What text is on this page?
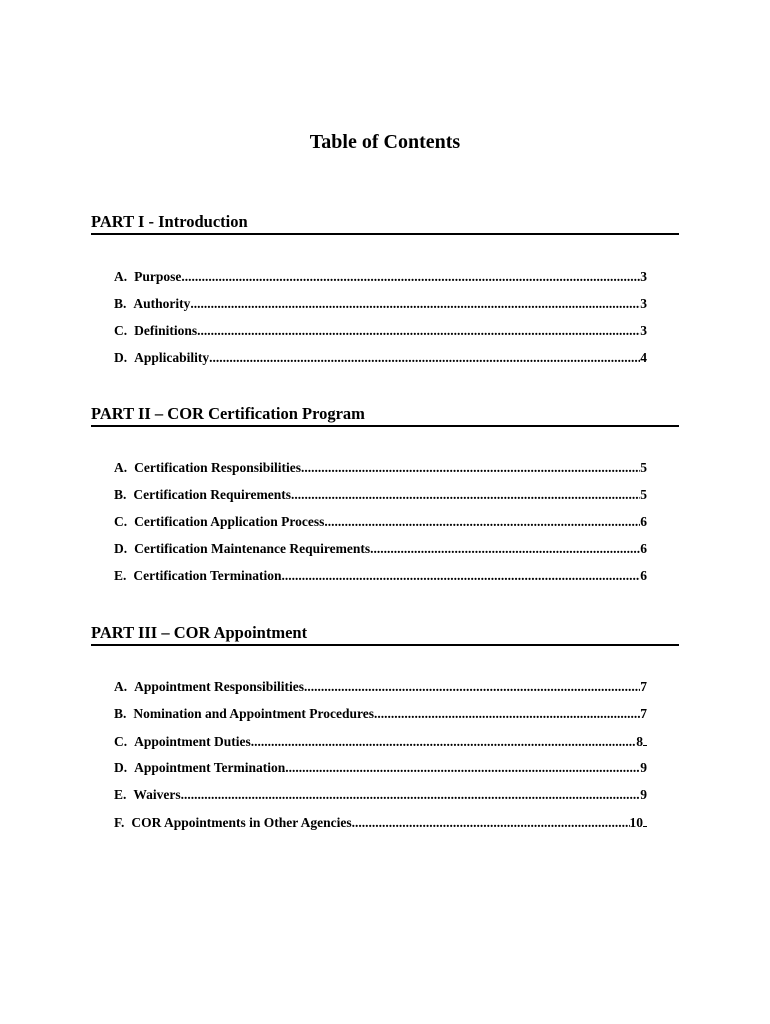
Table of Contents
PART I - Introduction
A. Purpose .....	3
B. Authority .....	3
C. Definitions .....	3
D. Applicability .....	4
PART II – COR Certification Program
A. Certification Responsibilities .....	5
B. Certification Requirements .....	5
C. Certification Application Process .....	6
D. Certification Maintenance Requirements .....	6
E. Certification Termination .....	6
PART III – COR Appointment
A. Appointment Responsibilities .....	7
B. Nomination and Appointment Procedures .....	7
C. Appointment Duties .....	8
D. Appointment Termination .....	9
E. Waivers .....	9
F. COR Appointments in Other Agencies .....	10
